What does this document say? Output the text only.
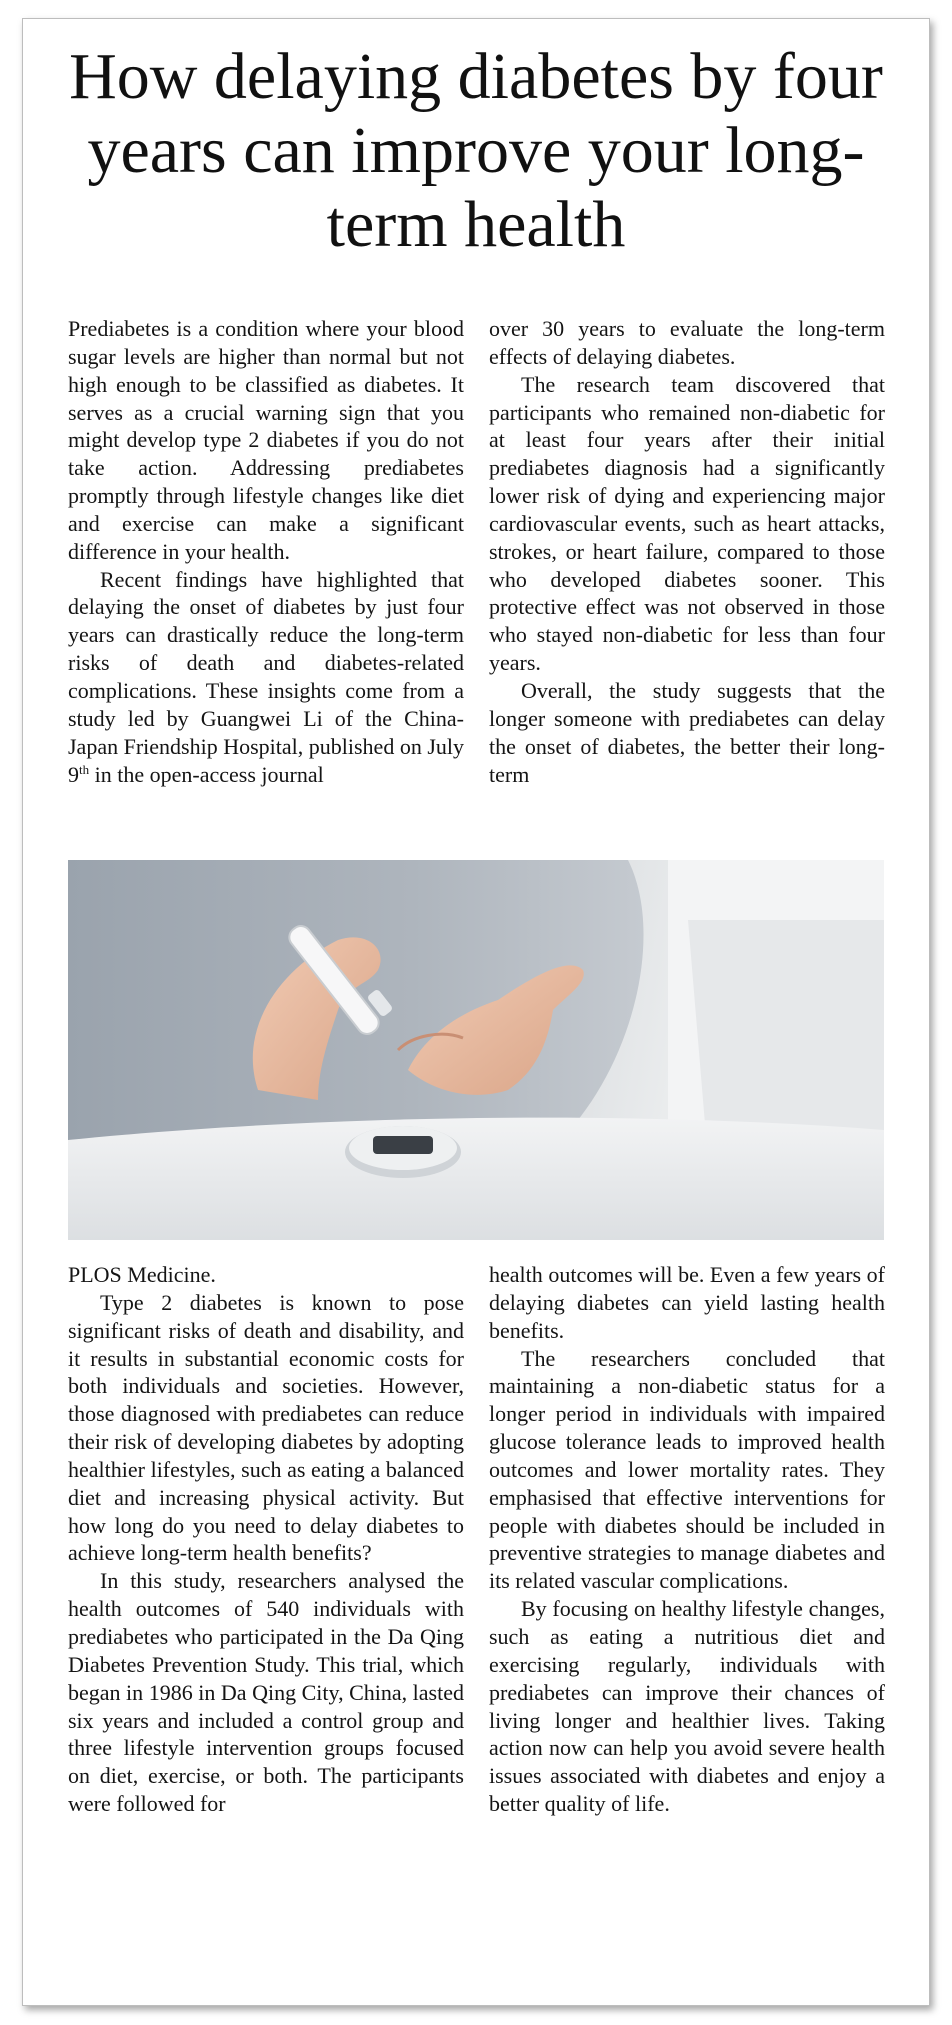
How delaying diabetes by four years can improve your long-term health

Prediabetes is a condition where your blood sugar levels are higher than normal but not high enough to be classified as diabetes. It serves as a crucial warning sign that you might develop type 2 diabetes if you do not take action. Addressing prediabetes promptly through lifestyle changes like diet and exercise can make a significant difference in your health.

Recent findings have highlighted that delaying the onset of diabetes by just four years can drastically reduce the long-term risks of death and diabetes-related complications. These insights come from a study led by Guangwei Li of the China-Japan Friendship Hospital, published on July 9th in the open-access journal

over 30 years to evaluate the long-term effects of delaying diabetes.

The research team discovered that participants who remained non-diabetic for at least four years after their initial prediabetes diagnosis had a significantly lower risk of dying and experiencing major cardiovascular events, such as heart attacks, strokes, or heart failure, compared to those who developed diabetes sooner. This protective effect was not observed in those who stayed non-diabetic for less than four years.

Overall, the study suggests that the longer someone with prediabetes can delay the onset of diabetes, the better their long-term

PLOS Medicine.

Type 2 diabetes is known to pose significant risks of death and disability, and it results in substantial economic costs for both individuals and societies. However, those diagnosed with prediabetes can reduce their risk of developing diabetes by adopting healthier lifestyles, such as eating a balanced diet and increasing physical activity. But how long do you need to delay diabetes to achieve long-term health benefits?

In this study, researchers analysed the health outcomes of 540 individuals with prediabetes who participated in the Da Qing Diabetes Prevention Study. This trial, which began in 1986 in Da Qing City, China, lasted six years and included a control group and three lifestyle intervention groups focused on diet, exercise, or both. The participants were followed for

health outcomes will be. Even a few years of delaying diabetes can yield lasting health benefits.

The researchers concluded that maintaining a non-diabetic status for a longer period in individuals with impaired glucose tolerance leads to improved health outcomes and lower mortality rates. They emphasised that effective interventions for people with diabetes should be included in preventive strategies to manage diabetes and its related vascular complications.

By focusing on healthy lifestyle changes, such as eating a nutritious diet and exercising regularly, individuals with prediabetes can improve their chances of living longer and healthier lives. Taking action now can help you avoid severe health issues associated with diabetes and enjoy a better quality of life.
